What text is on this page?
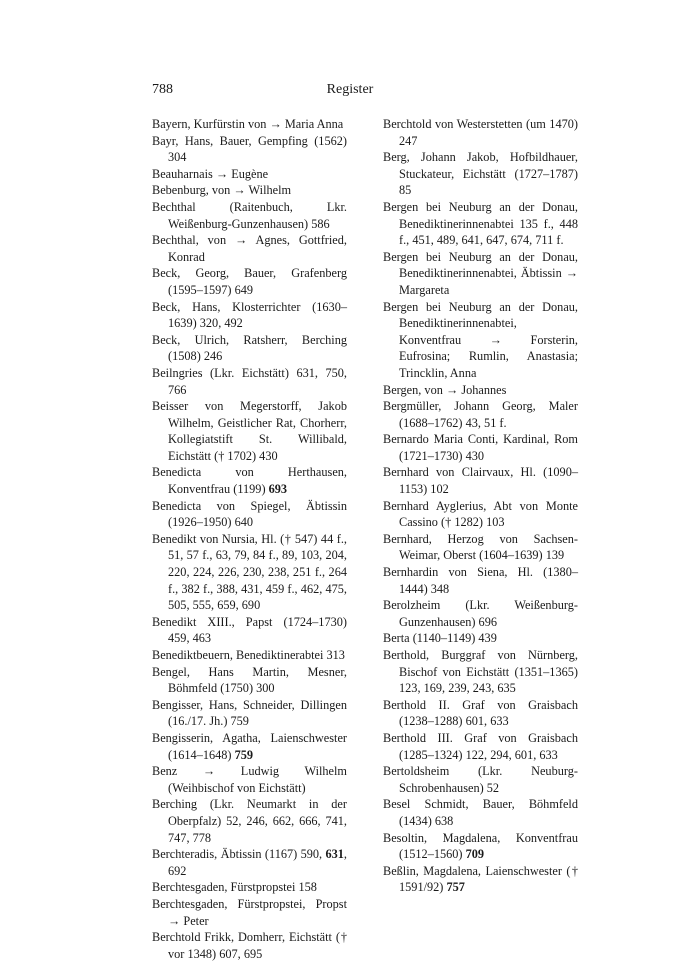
788	Register

Bayern, Kurfürstin von → Maria Anna

Bayr, Hans, Bauer, Gempfing (1562) 304

Beauharnais → Eugène

Bebenburg, von → Wilhelm

Bechthal (Raitenbuch, Lkr. Weißenburg-Gunzenhausen) 586

Bechthal, von → Agnes, Gottfried, Konrad

Beck, Georg, Bauer, Grafenberg (1595–1597) 649

Beck, Hans, Klosterrichter (1630–1639) 320, 492

Beck, Ulrich, Ratsherr, Berching (1508) 246

Beilngries (Lkr. Eichstätt) 631, 750, 766

Beisser von Megerstorff, Jakob Wilhelm, Geistlicher Rat, Chorherr, Kollegiatstift St. Willibald, Eichstätt († 1702) 430

Benedicta von Herthausen, Konventfrau (1199) 693

Benedicta von Spiegel, Äbtissin (1926–1950) 640

Benedikt von Nursia, Hl. († 547) 44 f., 51, 57 f., 63, 79, 84 f., 89, 103, 204, 220, 224, 226, 230, 238, 251 f., 264 f., 382 f., 388, 431, 459 f., 462, 475, 505, 555, 659, 690

Benedikt XIII., Papst (1724–1730) 459, 463

Benediktbeuern, Benediktinerabtei 313

Bengel, Hans Martin, Mesner, Böhmfeld (1750) 300

Bengisser, Hans, Schneider, Dillingen (16./17. Jh.) 759

Bengisserin, Agatha, Laienschwester (1614–1648) 759

Benz → Ludwig Wilhelm (Weihbischof von Eichstätt)

Berching (Lkr. Neumarkt in der Oberpfalz) 52, 246, 662, 666, 741, 747, 778

Berchteradis, Äbtissin (1167) 590, 631, 692

Berchtesgaden, Fürstpropstei 158

Berchtesgaden, Fürstpropstei, Propst → Peter

Berchtold Frikk, Domherr, Eichstätt († vor 1348) 607, 695

Berchtold von Westerstetten (um 1470) 247

Berg, Johann Jakob, Hofbildhauer, Stuckateur, Eichstätt (1727–1787) 85

Bergen bei Neuburg an der Donau, Benediktinerinnenabtei 135 f., 448 f., 451, 489, 641, 647, 674, 711 f.

Bergen bei Neuburg an der Donau, Benediktinerinnenabtei, Äbtissin → Margareta

Bergen bei Neuburg an der Donau, Benediktinerinnenabtei, Konventfrau → Forsterin, Eufrosina; Rumlin, Anastasia; Trincklin, Anna

Bergen, von → Johannes

Bergmüller, Johann Georg, Maler (1688–1762) 43, 51 f.

Bernardo Maria Conti, Kardinal, Rom (1721–1730) 430

Bernhard von Clairvaux, Hl. (1090–1153) 102

Bernhard Ayglerius, Abt von Monte Cassino († 1282) 103

Bernhard, Herzog von Sachsen-Weimar, Oberst (1604–1639) 139

Bernhardin von Siena, Hl. (1380–1444) 348

Berolzheim (Lkr. Weißenburg-Gunzenhausen) 696

Berta (1140–1149) 439

Berthold, Burggraf von Nürnberg, Bischof von Eichstätt (1351–1365) 123, 169, 239, 243, 635

Berthold II. Graf von Graisbach (1238–1288) 601, 633

Berthold III. Graf von Graisbach (1285–1324) 122, 294, 601, 633

Bertoldsheim (Lkr. Neuburg-Schrobenhausen) 52

Besel Schmidt, Bauer, Böhmfeld (1434) 638

Besoltin, Magdalena, Konventfrau (1512–1560) 709

Beßlin, Magdalena, Laienschwester († 1591/92) 757
